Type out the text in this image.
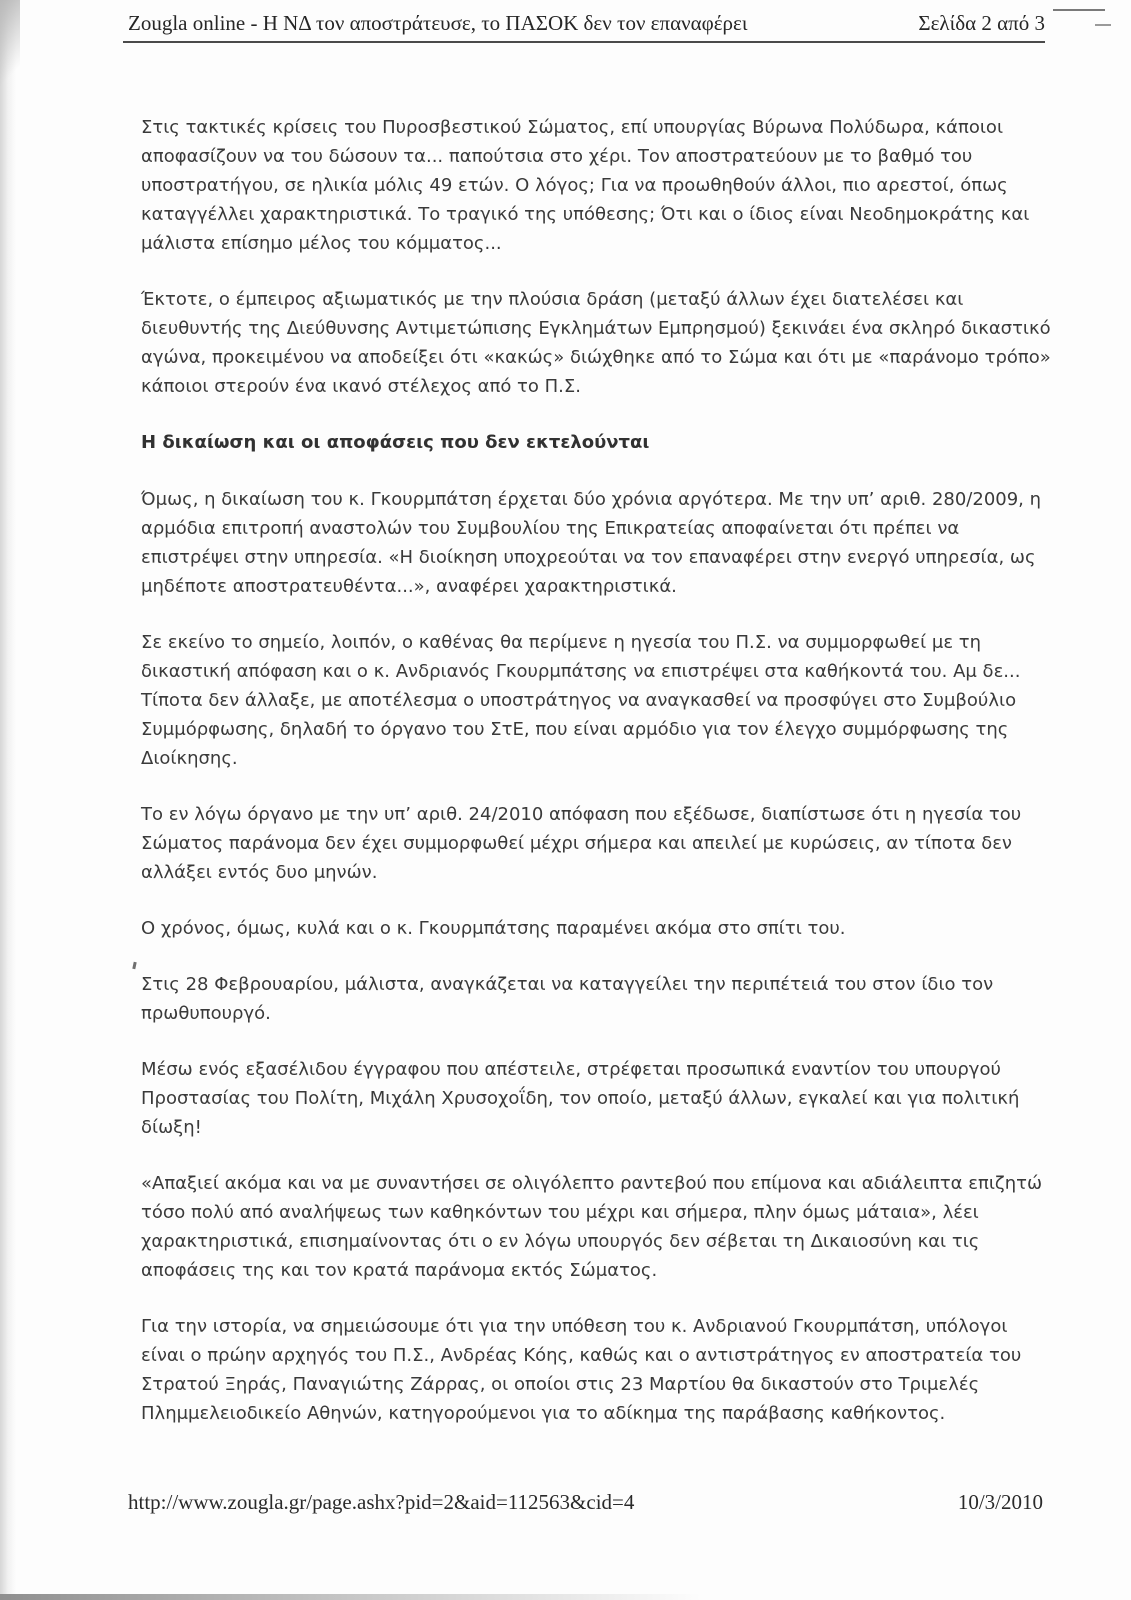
Zougla online - Η ΝΔ τον αποστράτευσε, το ΠΑΣΟΚ δεν τον επαναφέρει	Σελίδα 2 από 3

Στις τακτικές κρίσεις του Πυροσβεστικού Σώματος, επί υπουργίας Βύρωνα Πολύδωρα, κάποιοι αποφασίζουν να του δώσουν τα... παπούτσια στο χέρι. Τον αποστρατεύουν με το βαθμό του υποστρατήγου, σε ηλικία μόλις 49 ετών. Ο λόγος; Για να προωθηθούν άλλοι, πιο αρεστοί, όπως καταγγέλλει χαρακτηριστικά. Το τραγικό της υπόθεσης; Ότι και ο ίδιος είναι Νεοδημοκράτης και μάλιστα επίσημο μέλος του κόμματος...

Έκτοτε, ο έμπειρος αξιωματικός με την πλούσια δράση (μεταξύ άλλων έχει διατελέσει και διευθυντής της Διεύθυνσης Αντιμετώπισης Εγκλημάτων Εμπρησμού) ξεκινάει ένα σκληρό δικαστικό αγώνα, προκειμένου να αποδείξει ότι «κακώς» διώχθηκε από το Σώμα και ότι με «παράνομο τρόπο» κάποιοι στερούν ένα ικανό στέλεχος από το Π.Σ.

Η δικαίωση και οι αποφάσεις που δεν εκτελούνται

Όμως, η δικαίωση του κ. Γκουρμπάτση έρχεται δύο χρόνια αργότερα. Με την υπ’ αριθ. 280/2009, η αρμόδια επιτροπή αναστολών του Συμβουλίου της Επικρατείας αποφαίνεται ότι πρέπει να επιστρέψει στην υπηρεσία. «Η διοίκηση υποχρεούται να τον επαναφέρει στην ενεργό υπηρεσία, ως μηδέποτε αποστρατευθέντα...», αναφέρει χαρακτηριστικά.

Σε εκείνο το σημείο, λοιπόν, ο καθένας θα περίμενε η ηγεσία του Π.Σ. να συμμορφωθεί με τη δικαστική απόφαση και ο κ. Ανδριανός Γκουρμπάτσης να επιστρέψει στα καθήκοντά του. Αμ δε... Τίποτα δεν άλλαξε, με αποτέλεσμα ο υποστράτηγος να αναγκασθεί να προσφύγει στο Συμβούλιο Συμμόρφωσης, δηλαδή το όργανο του ΣτΕ, που είναι αρμόδιο για τον έλεγχο συμμόρφωσης της Διοίκησης.

Το εν λόγω όργανο με την υπ’ αριθ. 24/2010 απόφαση που εξέδωσε, διαπίστωσε ότι η ηγεσία του Σώματος παράνομα δεν έχει συμμορφωθεί μέχρι σήμερα και απειλεί με κυρώσεις, αν τίποτα δεν αλλάξει εντός δυο μηνών.

Ο χρόνος, όμως, κυλά και ο κ. Γκουρμπάτσης παραμένει ακόμα στο σπίτι του.

Στις 28 Φεβρουαρίου, μάλιστα, αναγκάζεται να καταγγείλει την περιπέτειά του στον ίδιο τον πρωθυπουργό.

Μέσω ενός εξασέλιδου έγγραφου που απέστειλε, στρέφεται προσωπικά εναντίον του υπουργού Προστασίας του Πολίτη, Μιχάλη Χρυσοχοΐδη, τον οποίο, μεταξύ άλλων, εγκαλεί και για πολιτική δίωξη!

«Απαξιεί ακόμα και να με συναντήσει σε ολιγόλεπτο ραντεβού που επίμονα και αδιάλειπτα επιζητώ τόσο πολύ από αναλήψεως των καθηκόντων του μέχρι και σήμερα, πλην όμως μάταια», λέει χαρακτηριστικά, επισημαίνοντας ότι ο εν λόγω υπουργός δεν σέβεται τη Δικαιοσύνη και τις αποφάσεις της και τον κρατά παράνομα εκτός Σώματος.

Για την ιστορία, να σημειώσουμε ότι για την υπόθεση του κ. Ανδριανού Γκουρμπάτση, υπόλογοι είναι ο πρώην αρχηγός του Π.Σ., Ανδρέας Κόης, καθώς και ο αντιστράτηγος εν αποστρατεία του Στρατού Ξηράς, Παναγιώτης Ζάρρας, οι οποίοι στις 23 Μαρτίου θα δικαστούν στο Τριμελές Πλημμελειοδικείο Αθηνών, κατηγορούμενοι για το αδίκημα της παράβασης καθήκοντος.

http://www.zougla.gr/page.ashx?pid=2&aid=112563&cid=4	10/3/2010
